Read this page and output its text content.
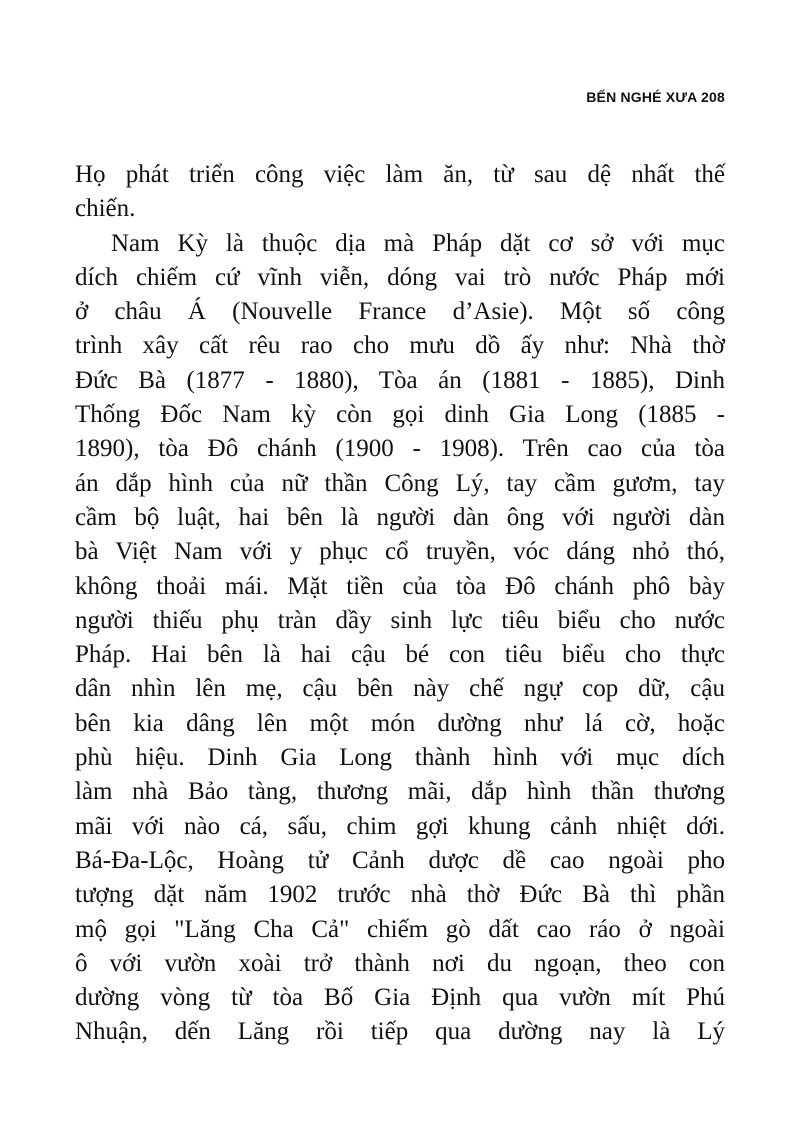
BẾN NGHÉ XƯA 208
Họ phát triển công việc làm ăn, từ sau dệ nhất thế
chiến.
Nam Kỳ là thuộc dịa mà Pháp dặt cơ sở với mục
dích chiếm cứ vĩnh viễn, dóng vai trò nước Pháp mới
ở châu Á (Nouvelle France d’Asie). Một số công
trình xây cất rêu rao cho mưu dồ ấy như: Nhà thờ
Đức Bà (1877 - 1880), Tòa án (1881 - 1885), Dinh
Thống Đốc Nam kỳ còn gọi dinh Gia Long (1885 -
1890), tòa Đô chánh (1900 - 1908). Trên cao của tòa
án dắp hình của nữ thần Công Lý, tay cầm gươm, tay
cầm bộ luật, hai bên là người dàn ông với người dàn
bà Việt Nam với y phục cổ truyền, vóc dáng nhỏ thó,
không thoải mái. Mặt tiền của tòa Đô chánh phô bày
người thiếu phụ tràn dầy sinh lực tiêu biểu cho nước
Pháp. Hai bên là hai cậu bé con tiêu biểu cho thực
dân nhìn lên mẹ, cậu bên này chế ngự cop dữ, cậu
bên kia dâng lên một món dường như lá cờ, hoặc
phù hiệu. Dinh Gia Long thành hình với mục dích
làm nhà Bảo tàng, thương mãi, dắp hình thần thương
mãi với nào cá, sấu, chim gợi khung cảnh nhiệt dới.
Bá-Đa-Lộc, Hoàng tử Cảnh dược dề cao ngoài pho
tượng dặt năm 1902 trước nhà thờ Đức Bà thì phần
mộ gọi "Lăng Cha Cả" chiếm gò dất cao ráo ở ngoài
ô với vườn xoài trở thành nơi du ngoạn, theo con
dường vòng từ tòa Bố Gia Định qua vườn mít Phú
Nhuận, dến Lăng rồi tiếp qua dường nay là Lý
